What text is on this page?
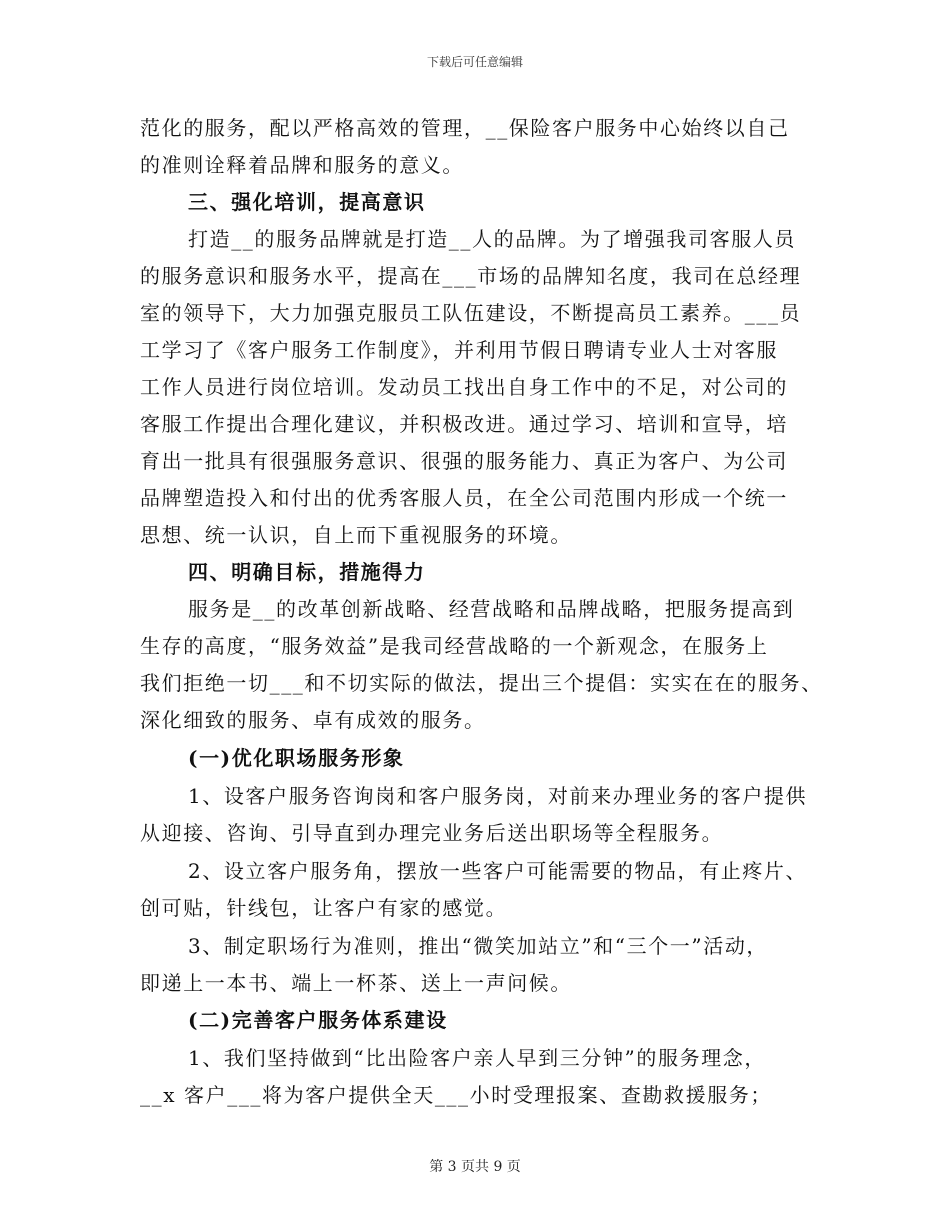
下载后可任意编辑
范化的服务，配以严格高效的管理，__保险客户服务中心始终以自己
的准则诠释着品牌和服务的意义。
三、强化培训，提高意识
打造__的服务品牌就是打造__人的品牌。为了增强我司客服人员
的服务意识和服务水平，提高在___市场的品牌知名度，我司在总经理
室的领导下，大力加强克服员工队伍建设，不断提高员工素养。___员
工学习了《客户服务工作制度》，并利用节假日聘请专业人士对客服
工作人员进行岗位培训。发动员工找出自身工作中的不足，对公司的
客服工作提出合理化建议，并积极改进。通过学习、培训和宣导，培
育出一批具有很强服务意识、很强的服务能力、真正为客户、为公司
品牌塑造投入和付出的优秀客服人员，在全公司范围内形成一个统一
思想、统一认识，自上而下重视服务的环境。
四、明确目标，措施得力
服务是__的改革创新战略、经营战略和品牌战略，把服务提高到
生存的高度，“服务效益”是我司经营战略的一个新观念，在服务上
我们拒绝一切___和不切实际的做法，提出三个提倡：实实在在的服务、
深化细致的服务、卓有成效的服务。
(一)优化职场服务形象
1、设客户服务咨询岗和客户服务岗，对前来办理业务的客户提供
从迎接、咨询、引导直到办理完业务后送出职场等全程服务。
2、设立客户服务角，摆放一些客户可能需要的物品，有止疼片、
创可贴，针线包，让客户有家的感觉。
3、制定职场行为准则，推出“微笑加站立”和“三个一”活动，
即递上一本书、端上一杯茶、送上一声问候。
(二)完善客户服务体系建设
1、我们坚持做到“比出险客户亲人早到三分钟”的服务理念，
__x 客户___将为客户提供全天___小时受理报案、查勘救援服务；
第 3 页共 9 页
